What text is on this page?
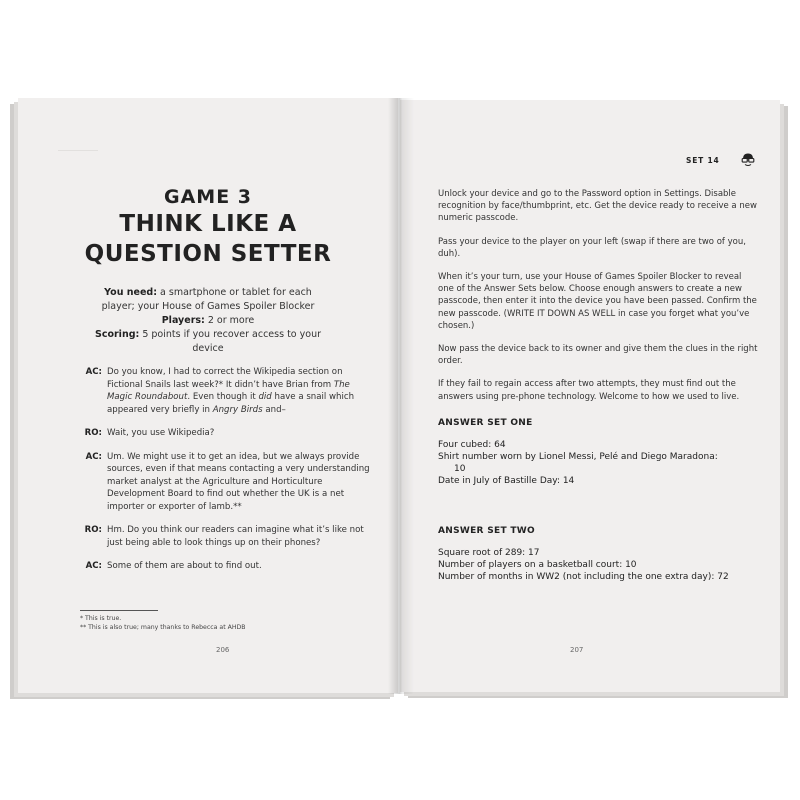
GAME 3
THINK LIKE A
QUESTION SETTER
You need: a smartphone or tablet for each player; your House of Games Spoiler Blocker
Players: 2 or more
Scoring: 5 points if you recover access to your device
AC: Do you know, I had to correct the Wikipedia section on Fictional Snails last week?* It didn’t have Brian from The Magic Roundabout. Even though it did have a snail which appeared very briefly in Angry Birds and–
RO: Wait, you use Wikipedia?
AC: Um. We might use it to get an idea, but we always provide sources, even if that means contacting a very understanding market analyst at the Agriculture and Horticulture Development Board to find out whether the UK is a net importer or exporter of lamb.**
RO: Hm. Do you think our readers can imagine what it’s like not just being able to look things up on their phones?
AC: Some of them are about to find out.
* This is true.
** This is also true; many thanks to Rebecca at AHDB
206
SET 14

Unlock your device and go to the Password option in Settings. Disable recognition by face/thumbprint, etc. Get the device ready to receive a new numeric passcode.

Pass your device to the player on your left (swap if there are two of you, duh).

When it’s your turn, use your House of Games Spoiler Blocker to reveal one of the Answer Sets below. Choose enough answers to create a new passcode, then enter it into the device you have been passed. Confirm the new passcode. (WRITE IT DOWN AS WELL in case you forget what you’ve chosen.)

Now pass the device back to its owner and give them the clues in the right order.

If they fail to regain access after two attempts, they must find out the answers using pre-phone technology. Welcome to how we used to live.

ANSWER SET ONE
Four cubed: 64
Shirt number worn by Lionel Messi, Pelé and Diego Maradona:
10
Date in July of Bastille Day: 14
ANSWER SET TWO
Square root of 289: 17
Number of players on a basketball court: 10
Number of months in WW2 (not including the one extra day): 72
207
